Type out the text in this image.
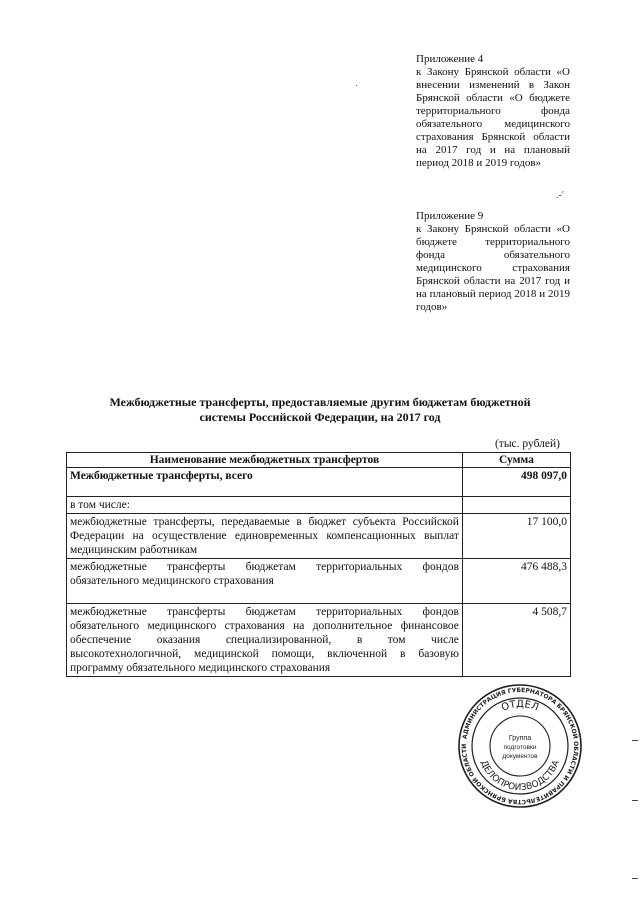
Приложение 4
к Закону Брянской области «О внесении изменений в Закон Брянской области «О бюджете территориального фонда обязательного медицинского страхования Брянской области на 2017 год и на плановый период 2018 и 2019 годов»
·
.-′
Приложение 9
к Закону Брянской области «О бюджете территориального фонда обязательного медицинского страхования Брянской области на 2017 год и на плановый период 2018 и 2019 годов»
Межбюджетные трансферты, предоставляемые другим бюджетам бюджетной
системы Российской Федерации, на 2017 год
(тыс. рублей)
Наименование межбюджетных трансфертов	Сумма
Межбюджетные трансферты, всего	498 097,0
в том числе:	
межбюджетные трансферты, передаваемые в бюджет субъекта Российской Федерации на осуществление единовременных компенсационных выплат медицинским работникам	17 100,0
межбюджетные трансферты бюджетам территориальных фондов обязательного медицинского страхования	476 488,3
межбюджетные трансферты бюджетам территориальных фондов обязательного медицинского страхования на дополнительное финансовое обеспечение оказания специализированной, в том числе высокотехнологичной, медицинской помощи, включенной в базовую программу обязательного медицинского страхования	4 508,7
АДМИНИСТРАЦИЯ ГУБЕРНАТОРА БРЯНСКОЙ ОБЛАСТИ И ПРАВИТЕЛЬСТВА БРЯНСКОЙ ОБЛАСТИ
ОТДЕЛ
ДЕЛОПРОИЗВОДСТВА
Группа
подготовки
документов
